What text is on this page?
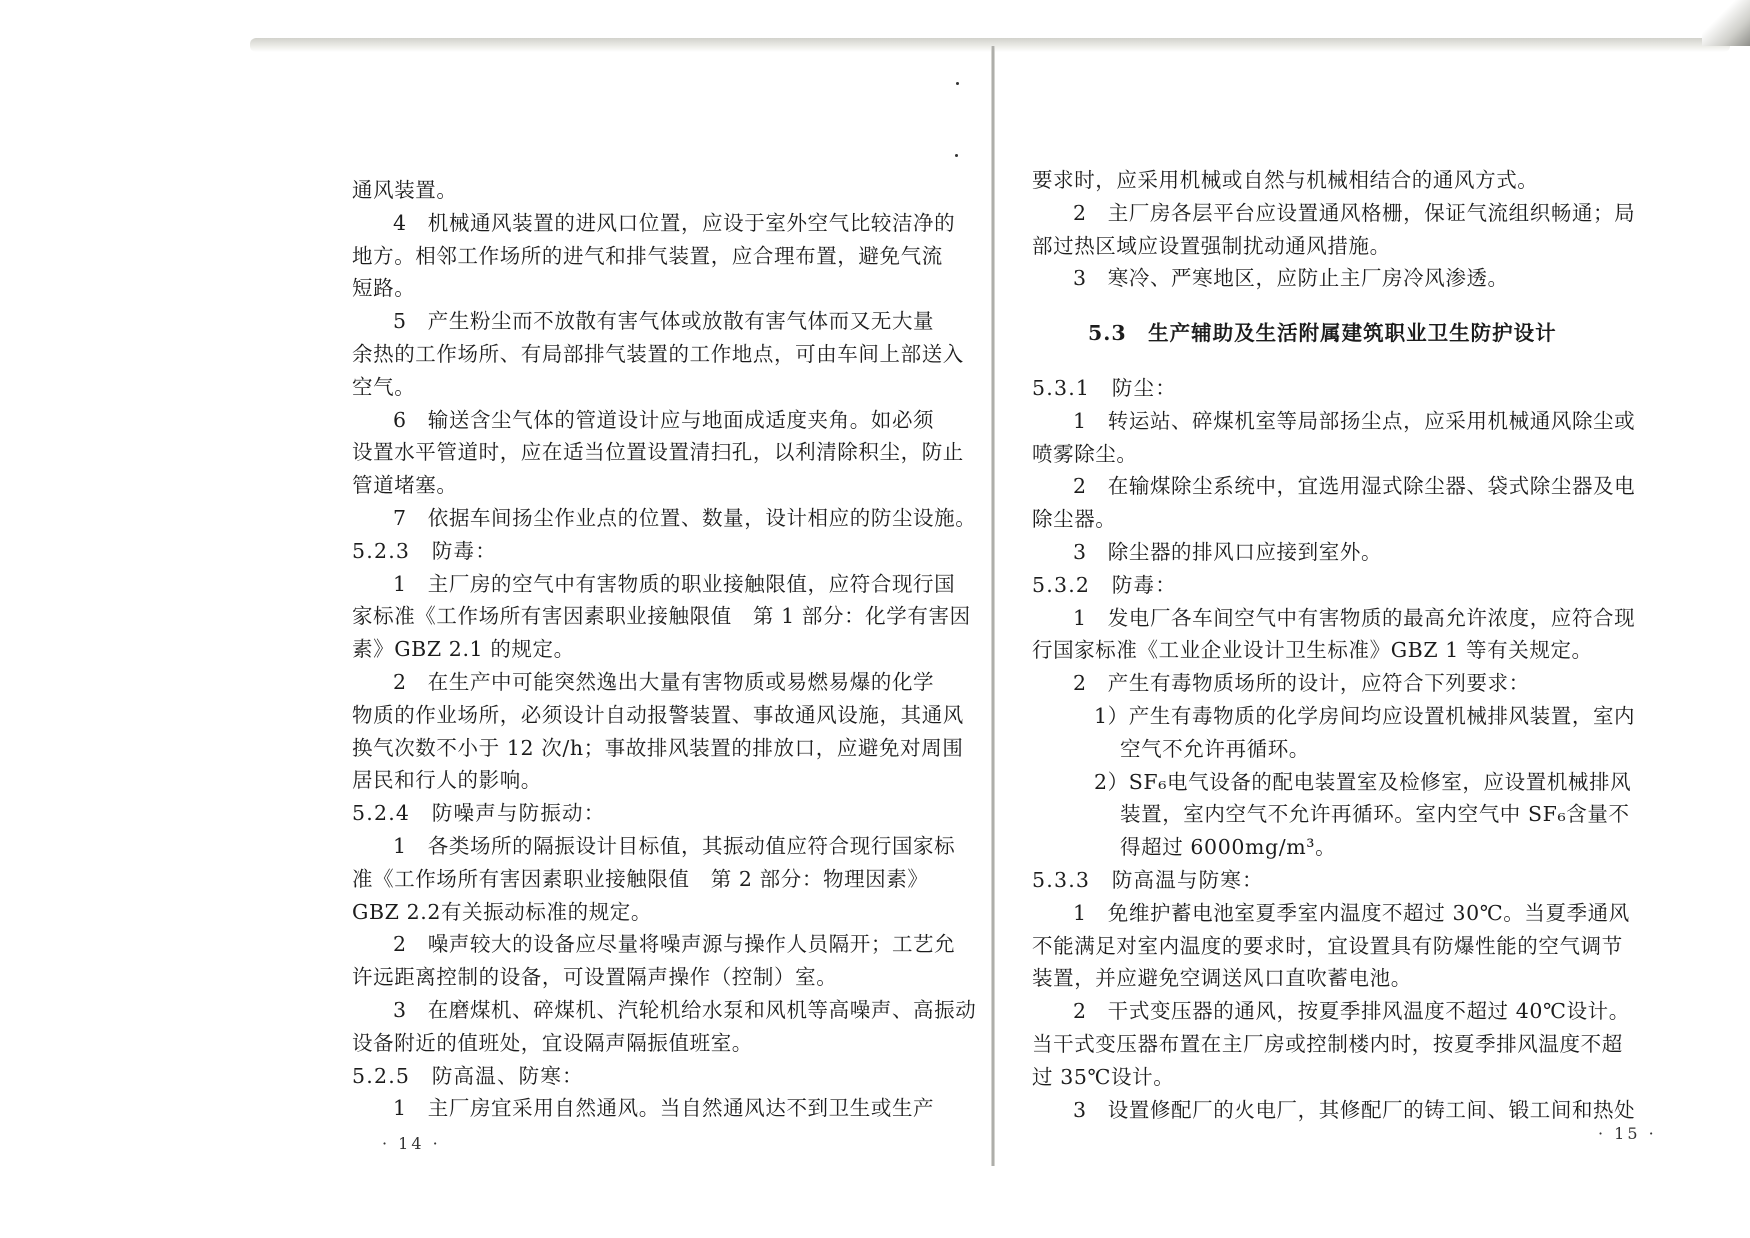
通风装置。
4　机械通风装置的进风口位置，应设于室外空气比较洁净的
地方。相邻工作场所的进气和排气装置，应合理布置，避免气流
短路。
5　产生粉尘而不放散有害气体或放散有害气体而又无大量
余热的工作场所、有局部排气装置的工作地点，可由车间上部送入
空气。
6　输送含尘气体的管道设计应与地面成适度夹角。如必须
设置水平管道时，应在适当位置设置清扫孔，以利清除积尘，防止
管道堵塞。
7　依据车间扬尘作业点的位置、数量，设计相应的防尘设施。
5.2.3　防毒：
1　主厂房的空气中有害物质的职业接触限值，应符合现行国
家标准《工作场所有害因素职业接触限值　第 1 部分：化学有害因
素》GBZ 2.1 的规定。
2　在生产中可能突然逸出大量有害物质或易燃易爆的化学
物质的作业场所，必须设计自动报警装置、事故通风设施，其通风
换气次数不小于 12 次/h；事故排风装置的排放口，应避免对周围
居民和行人的影响。
5.2.4　防噪声与防振动：
1　各类场所的隔振设计目标值，其振动值应符合现行国家标
准《工作场所有害因素职业接触限值　第 2 部分：物理因素》
GBZ 2.2有关振动标准的规定。
2　噪声较大的设备应尽量将噪声源与操作人员隔开；工艺允
许远距离控制的设备，可设置隔声操作（控制）室。
3　在磨煤机、碎煤机、汽轮机给水泵和风机等高噪声、高振动
设备附近的值班处，宜设隔声隔振值班室。
5.2.5　防高温、防寒：
1　主厂房宜采用自然通风。当自然通风达不到卫生或生产
· 14 ·
要求时，应采用机械或自然与机械相结合的通风方式。
2　主厂房各层平台应设置通风格栅，保证气流组织畅通；局
部过热区域应设置强制扰动通风措施。
3　寒冷、严寒地区，应防止主厂房冷风渗透。
5.3　生产辅助及生活附属建筑职业卫生防护设计
5.3.1　防尘：
1　转运站、碎煤机室等局部扬尘点，应采用机械通风除尘或
喷雾除尘。
2　在输煤除尘系统中，宜选用湿式除尘器、袋式除尘器及电
除尘器。
3　除尘器的排风口应接到室外。
5.3.2　防毒：
1　发电厂各车间空气中有害物质的最高允许浓度，应符合现
行国家标准《工业企业设计卫生标准》GBZ 1 等有关规定。
2　产生有毒物质场所的设计，应符合下列要求：
1）产生有毒物质的化学房间均应设置机械排风装置，室内
空气不允许再循环。
2）SF₆电气设备的配电装置室及检修室，应设置机械排风
装置，室内空气不允许再循环。室内空气中 SF₆含量不
得超过 6000mg/m³。
5.3.3　防高温与防寒：
1　免维护蓄电池室夏季室内温度不超过 30℃。当夏季通风
不能满足对室内温度的要求时，宜设置具有防爆性能的空气调节
装置，并应避免空调送风口直吹蓄电池。
2　干式变压器的通风，按夏季排风温度不超过 40℃设计。
当干式变压器布置在主厂房或控制楼内时，按夏季排风温度不超
过 35℃设计。
3　设置修配厂的火电厂，其修配厂的铸工间、锻工间和热处
· 15 ·
